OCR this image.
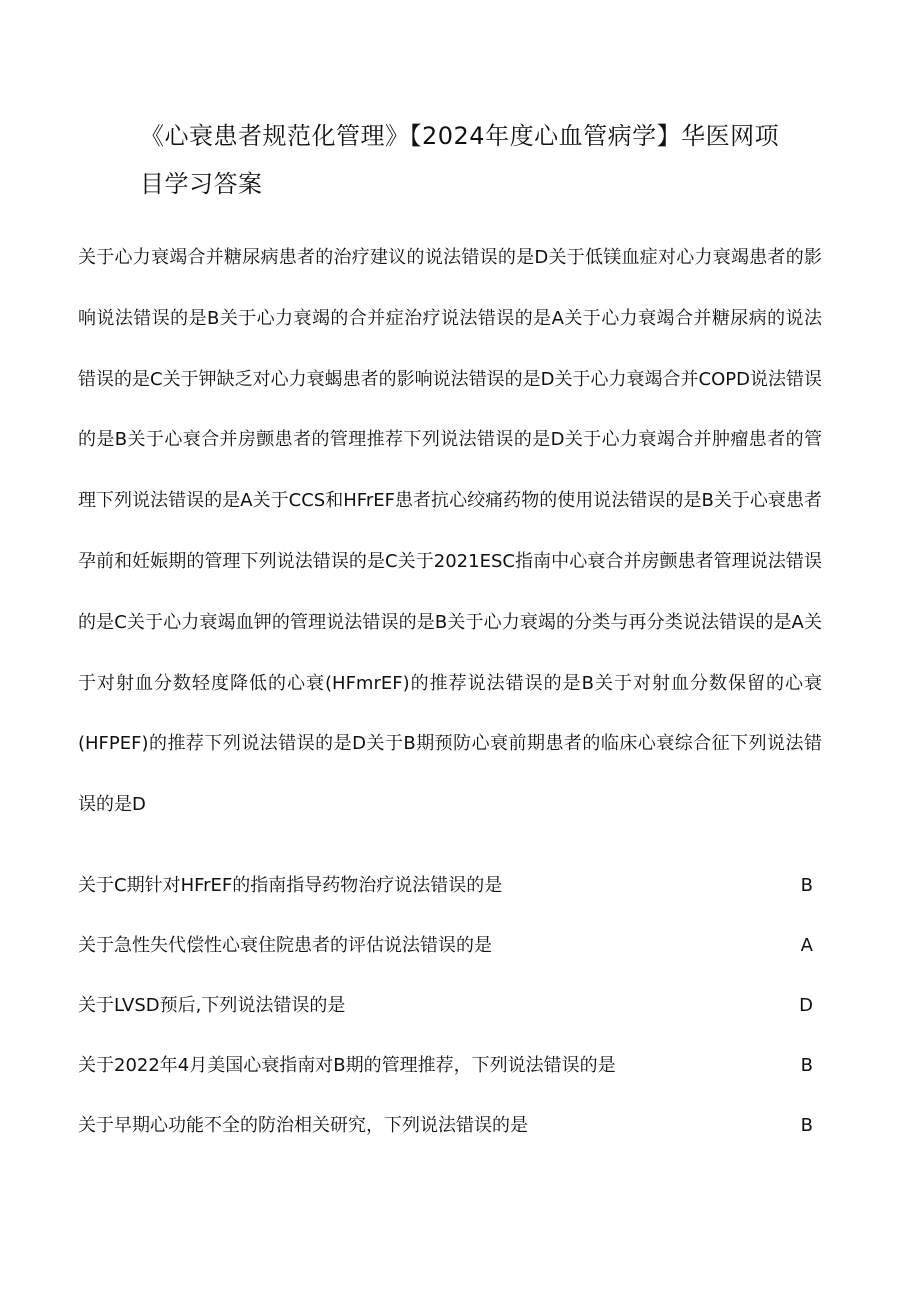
《心衰患者规范化管理》【2024年度心血管病学】华医网项
目学习答案

关于心力衰竭合并糖尿病患者的治疗建议的说法错误的是D关于低镁血症对心力衰竭患者的影响说法错误的是B关于心力衰竭的合并症治疗说法错误的是A关于心力衰竭合并糖尿病的说法错误的是C关于钾缺乏对心力衰蝎患者的影响说法错误的是D关于心力衰竭合并COPD说法错误的是B关于心衰合并房颤患者的管理推荐下列说法错误的是D关于心力衰竭合并肿瘤患者的管理下列说法错误的是A关于CCS和HFrEF患者抗心绞痛药物的使用说法错误的是B关于心衰患者孕前和妊娠期的管理下列说法错误的是C关于2021ESC指南中心衰合并房颤患者管理说法错误的是C关于心力衰竭血钾的管理说法错误的是B关于心力衰竭的分类与再分类说法错误的是A关于对射血分数轻度降低的心衰(HFmrEF)的推荐说法错误的是B关于对射血分数保留的心衰(HFPEF)的推荐下列说法错误的是D关于B期预防心衰前期患者的临床心衰综合征下列说法错误的是D

关于C期针对HFrEF的指南指导药物治疗说法错误的是	B
关于急性失代偿性心衰住院患者的评估说法错误的是	A
关于LVSD预后,下列说法错误的是	D
关于2022年4月美国心衰指南对B期的管理推荐，下列说法错误的是	B
关于早期心功能不全的防治相关研究，下列说法错误的是	B
